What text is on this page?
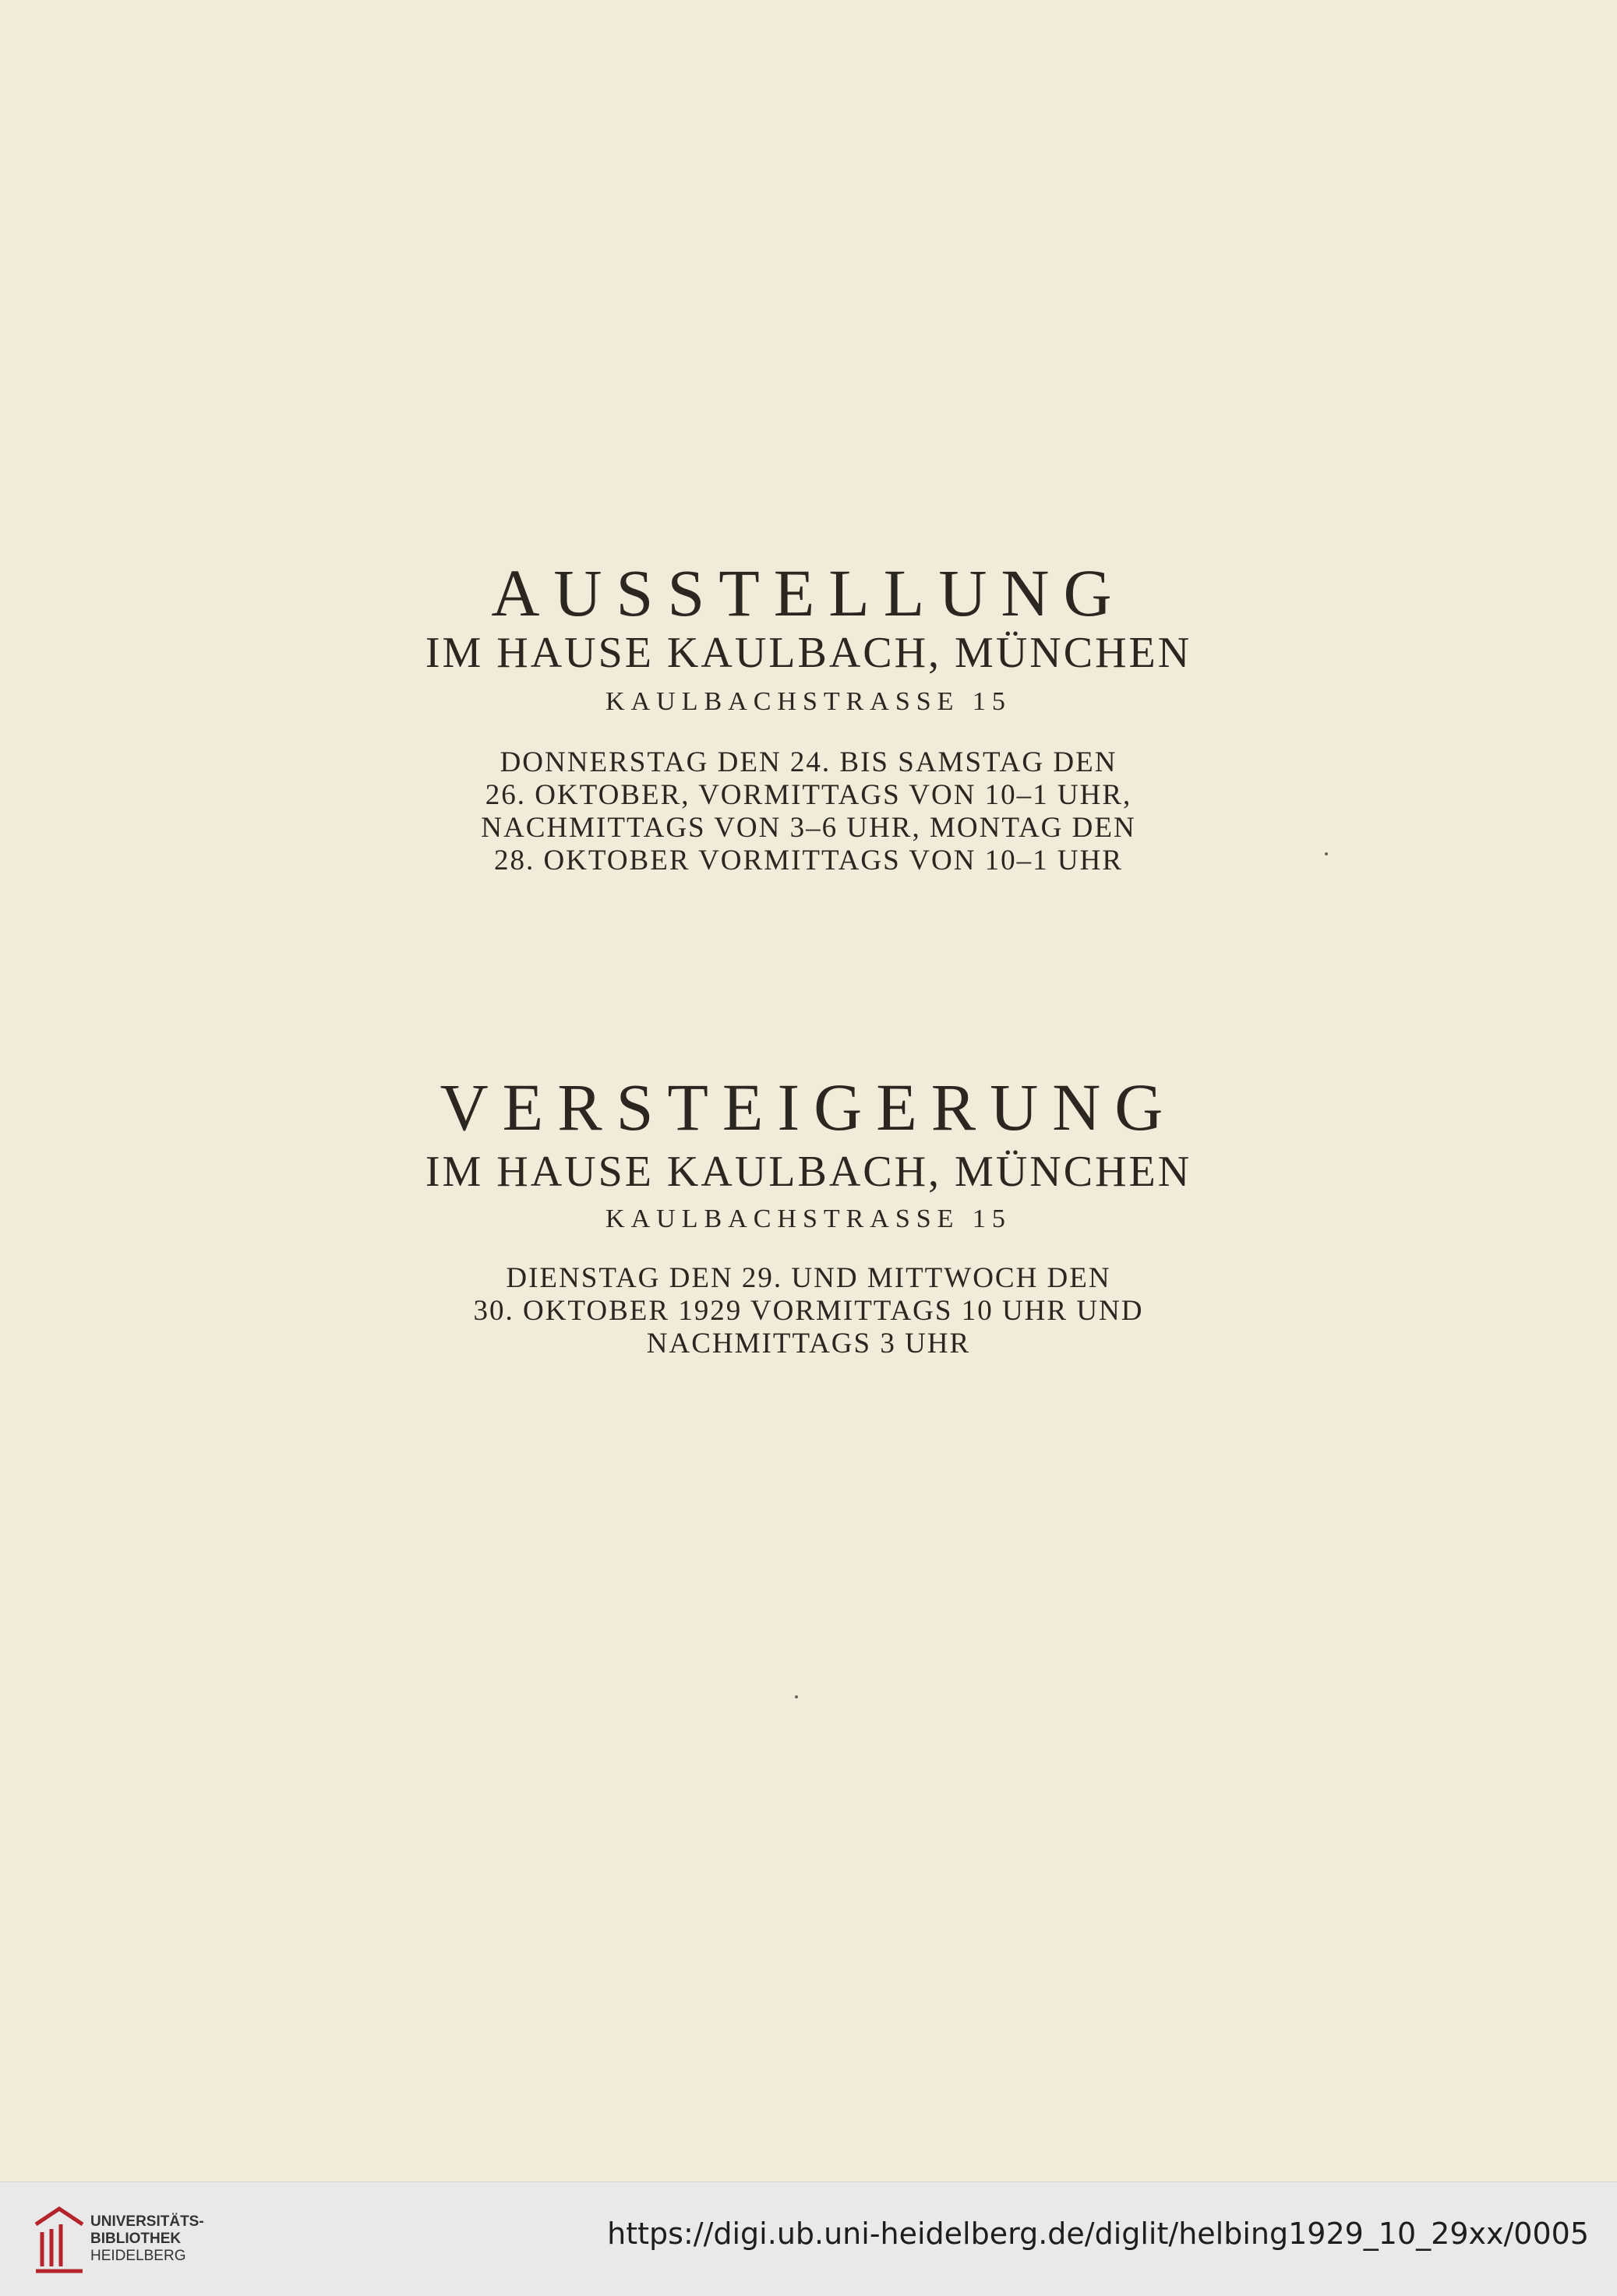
AUSSTELLUNG
IM HAUSE KAULBACH, MÜNCHEN
KAULBACHSTRASSE 15
DONNERSTAG DEN 24. BIS SAMSTAG DEN
26. OKTOBER, VORMITTAGS VON 10–1 UHR,
NACHMITTAGS VON 3–6 UHR, MONTAG DEN
28. OKTOBER VORMITTAGS VON 10–1 UHR
VERSTEIGERUNG
IM HAUSE KAULBACH, MÜNCHEN
KAULBACHSTRASSE 15
DIENSTAG DEN 29. UND MITTWOCH DEN
30. OKTOBER 1929 VORMITTAGS 10 UHR UND
NACHMITTAGS 3 UHR
UNIVERSITÄTS-
BIBLIOTHEK
HEIDELBERG
https://digi.ub.uni-heidelberg.de/diglit/helbing1929_10_29xx/0005
